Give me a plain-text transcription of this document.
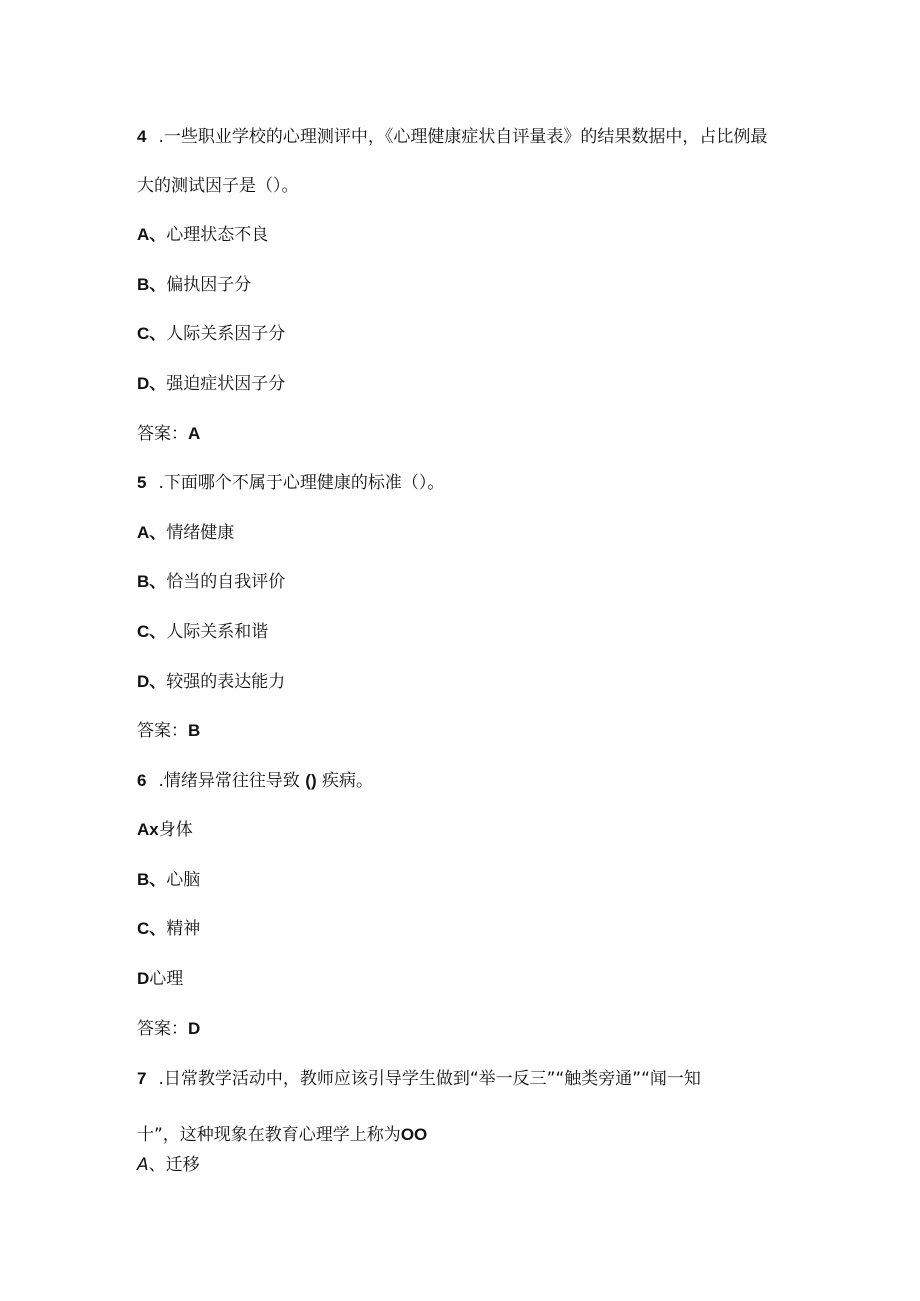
4 .一些职业学校的心理测评中，《心理健康症状自评量表》的结果数据中，占比例最
大的测试因子是（）。
A、心理状态不良
B、偏执因子分
C、人际关系因子分
D、强迫症状因子分
答案：A
5 .下面哪个不属于心理健康的标准（）。
A、情绪健康
B、恰当的自我评价
C、人际关系和谐
D、较强的表达能力
答案：B
6 .情绪异常往往导致 () 疾病。
Ax身体
B、心脑
C、精神
D心理
答案：D
7 .日常教学活动中，教师应该引导学生做到“举一反三”“触类旁通”“闻一知
十”，这种现象在教育心理学上称为OO
A、迁移
